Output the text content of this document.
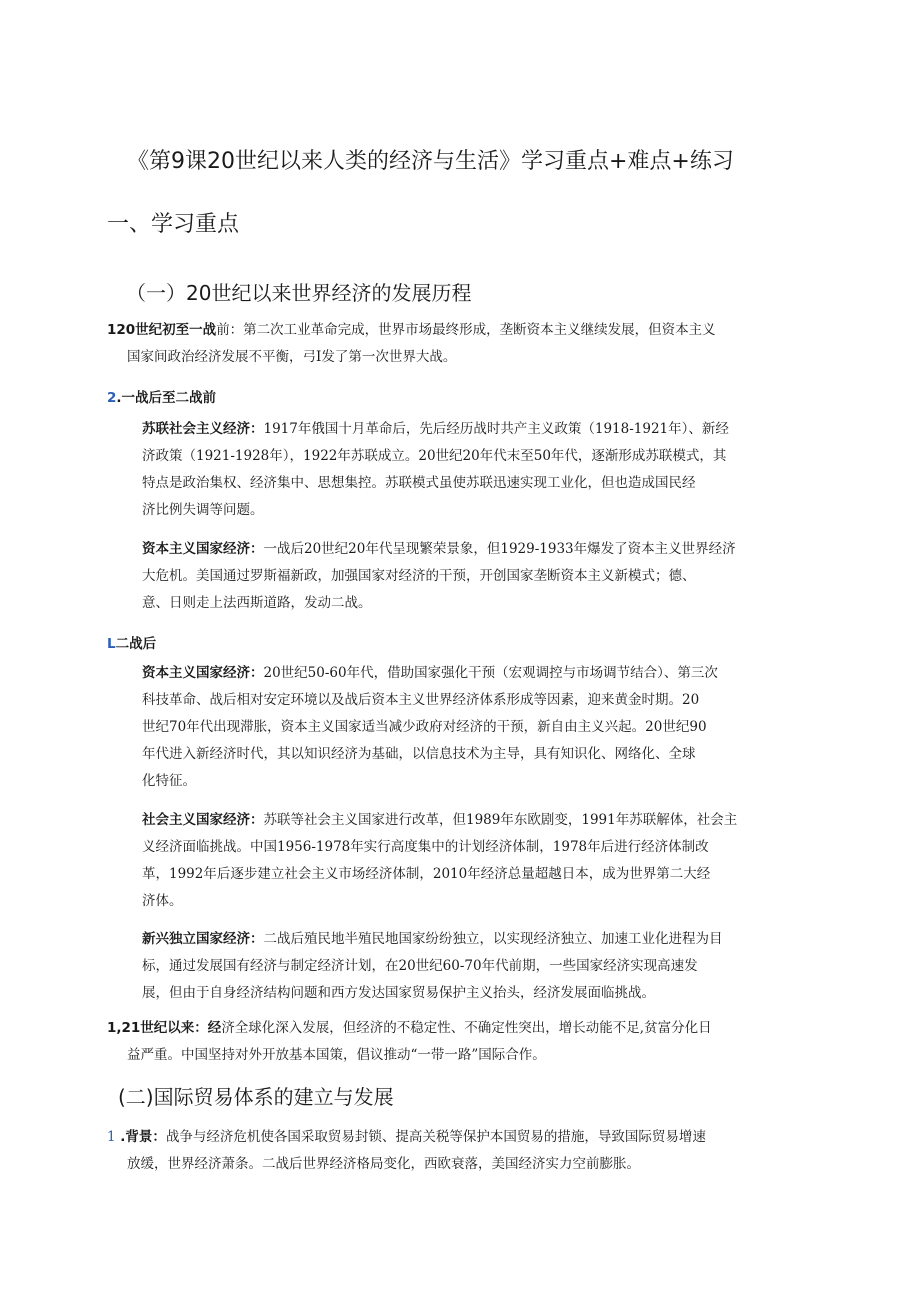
《第9课20世纪以来人类的经济与生活》学习重点+难点+练习
一、学习重点
（一）20世纪以来世界经济的发展历程
120世纪初至一战前：第二次工业革命完成，世界市场最终形成，垄断资本主义继续发展，但资本主义
国家间政治经济发展不平衡，弓I发了第一次世界大战。
2.一战后至二战前
苏联社会主义经济：1917年俄国十月革命后，先后经历战时共产主义政策（1918-1921年）、新经
济政策（1921-1928年），1922年苏联成立。20世纪20年代末至50年代，逐渐形成苏联模式，其
特点是政治集权、经济集中、思想集控。苏联模式虽使苏联迅速实现工业化，但也造成国民经
济比例失调等问题。
资本主义国家经济：一战后20世纪20年代呈现繁荣景象，但1929-1933年爆发了资本主义世界经济
大危机。美国通过罗斯福新政，加强国家对经济的干预，开创国家垄断资本主义新模式；德、
意、日则走上法西斯道路，发动二战。
L二战后
资本主义国家经济：20世纪50-60年代，借助国家强化干预（宏观调控与市场调节结合）、第三次
科技革命、战后相对安定环境以及战后资本主义世界经济体系形成等因素，迎来黄金时期。20
世纪70年代出现滞胀，资本主义国家适当减少政府对经济的干预，新自由主义兴起。20世纪90
年代进入新经济时代，其以知识经济为基础，以信息技术为主导，具有知识化、网络化、全球
化特征。
社会主义国家经济：苏联等社会主义国家进行改革，但1989年东欧剧变，1991年苏联解体，社会主
义经济面临挑战。中国1956-1978年实行高度集中的计划经济体制，1978年后进行经济体制改
革，1992年后逐步建立社会主义市场经济体制，2010年经济总量超越日本，成为世界第二大经
济体。
新兴独立国家经济：二战后殖民地半殖民地国家纷纷独立，以实现经济独立、加速工业化进程为目
标，通过发展国有经济与制定经济计划，在20世纪60-70年代前期，一些国家经济实现高速发
展，但由于自身经济结构问题和西方发达国家贸易保护主义抬头，经济发展面临挑战。
1,21世纪以来：经济全球化深入发展，但经济的不稳定性、不确定性突出，增长动能不足,贫富分化日
益严重。中国坚持对外开放基本国策，倡议推动“一带一路”国际合作。
(二)国际贸易体系的建立与发展
1 .背景：战争与经济危机使各国采取贸易封锁、提高关税等保护本国贸易的措施，导致国际贸易增速
放缓，世界经济萧条。二战后世界经济格局变化，西欧衰落，美国经济实力空前膨胀。
